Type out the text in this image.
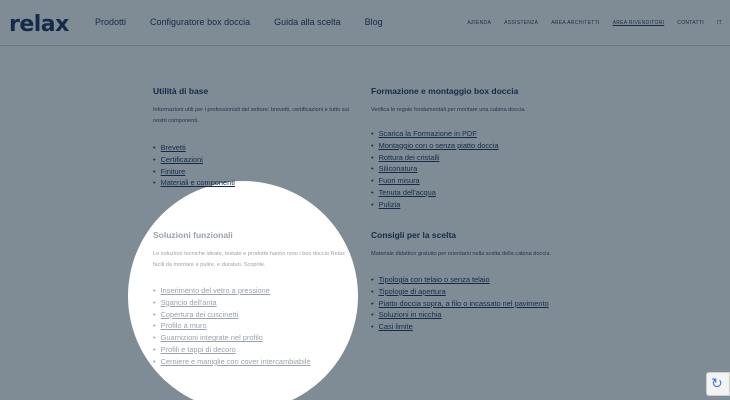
relax	Prodotti	Configuratore box doccia	Guida alla scelta	Blog	AZIENDA	ASSISTENZA	AREA ARCHITETTI	AREA RIVENDITORI	CONTATTI	IT
Utilità di base

Informazioni utili per i professionisti del settore: brevetti, certificazioni e tutto sui nostri componenti.

• Brevetti
• Certificazioni
• Finiture
• Materiali e componenti
Formazione e montaggio box doccia

Verifica le regole fondamentali per montare una cabina doccia.

• Scarica la Formazione in PDF
• Montaggio con o senza piatto doccia
• Rottura dei cristalli
• Siliconatura
• Fuori misura
• Tenuta dell'acqua
• Pulizia
Soluzioni funzionali

Le soluzioni tecniche ideate, testate e prodotte hanno reso i box doccia Relax facili da montare e pulire, e duraturi. Scoprile.

• Inserimento del vetro a pressione
• Sgancio dell'anta
• Copertura dei cuscinetti
• Profilo a muro
• Guarnizioni integrate nel profilo
• Profili e tappi di decoro
• Cerniere e maniglie con cover intercambiabile
Consigli per la scelta

Materiale didattico gratuito per orientarsi nella scelta della cabina doccia.

• Tipologia con telaio o senza telaio
• Tipologie di apertura
• Piatto doccia sopra, a filo o incassato nel pavimento
• Soluzioni in nicchia
• Casi limite
↻
